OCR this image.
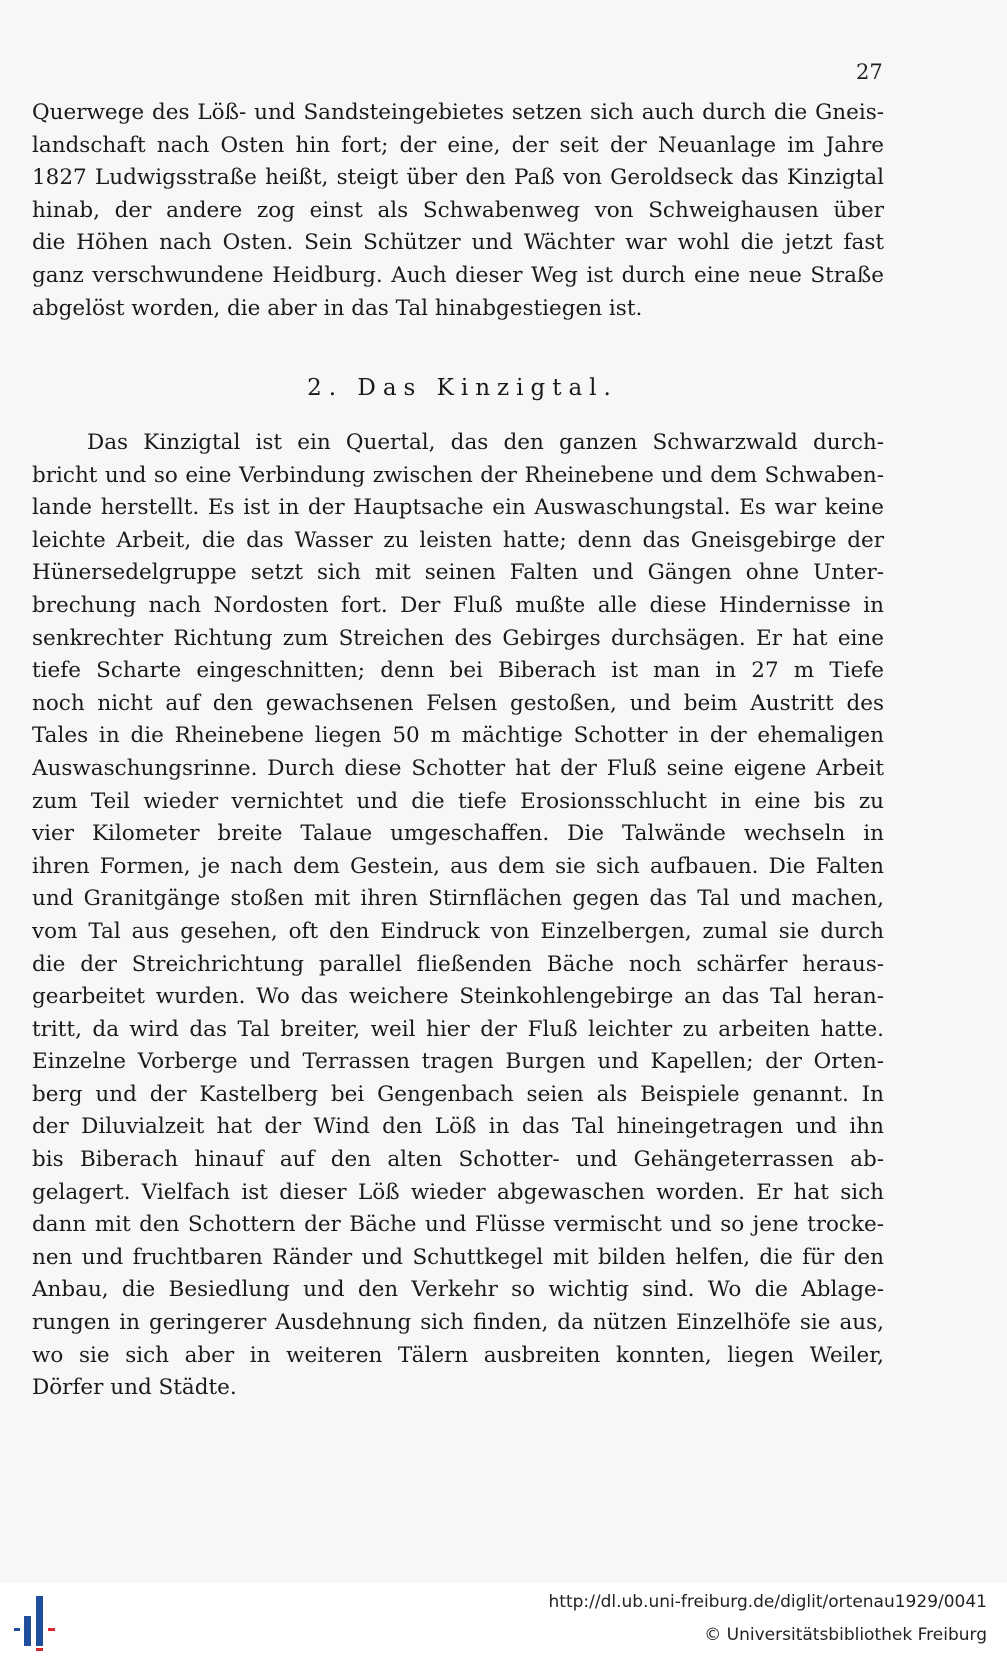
27
Querwege des Löß- und Sandsteingebietes setzen sich auch durch die Gneis-
landschaft nach Osten hin fort; der eine, der seit der Neuanlage im Jahre
1827 Ludwigsstraße heißt, steigt über den Paß von Geroldseck das Kinzigtal
hinab, der andere zog einst als Schwabenweg von Schweighausen über
die Höhen nach Osten. Sein Schützer und Wächter war wohl die jetzt fast
ganz verschwundene Heidburg. Auch dieser Weg ist durch eine neue Straße
abgelöst worden, die aber in das Tal hinabgestiegen ist.
2. Das Kinzigtal.
Das Kinzigtal ist ein Quertal, das den ganzen Schwarzwald durch-
bricht und so eine Verbindung zwischen der Rheinebene und dem Schwaben-
lande herstellt. Es ist in der Hauptsache ein Auswaschungstal. Es war keine
leichte Arbeit, die das Wasser zu leisten hatte; denn das Gneisgebirge der
Hünersedelgruppe setzt sich mit seinen Falten und Gängen ohne Unter-
brechung nach Nordosten fort. Der Fluß mußte alle diese Hindernisse in
senkrechter Richtung zum Streichen des Gebirges durchsägen. Er hat eine
tiefe Scharte eingeschnitten; denn bei Biberach ist man in 27 m Tiefe
noch nicht auf den gewachsenen Felsen gestoßen, und beim Austritt des
Tales in die Rheinebene liegen 50 m mächtige Schotter in der ehemaligen
Auswaschungsrinne. Durch diese Schotter hat der Fluß seine eigene Arbeit
zum Teil wieder vernichtet und die tiefe Erosionsschlucht in eine bis zu
vier Kilometer breite Talaue umgeschaffen. Die Talwände wechseln in
ihren Formen, je nach dem Gestein, aus dem sie sich aufbauen. Die Falten
und Granitgänge stoßen mit ihren Stirnflächen gegen das Tal und machen,
vom Tal aus gesehen, oft den Eindruck von Einzelbergen, zumal sie durch
die der Streichrichtung parallel fließenden Bäche noch schärfer heraus-
gearbeitet wurden. Wo das weichere Steinkohlengebirge an das Tal heran-
tritt, da wird das Tal breiter, weil hier der Fluß leichter zu arbeiten hatte.
Einzelne Vorberge und Terrassen tragen Burgen und Kapellen; der Orten-
berg und der Kastelberg bei Gengenbach seien als Beispiele genannt. In
der Diluvialzeit hat der Wind den Löß in das Tal hineingetragen und ihn
bis Biberach hinauf auf den alten Schotter- und Gehängeterrassen ab-
gelagert. Vielfach ist dieser Löß wieder abgewaschen worden. Er hat sich
dann mit den Schottern der Bäche und Flüsse vermischt und so jene trocke-
nen und fruchtbaren Ränder und Schuttkegel mit bilden helfen, die für den
Anbau, die Besiedlung und den Verkehr so wichtig sind. Wo die Ablage-
rungen in geringerer Ausdehnung sich finden, da nützen Einzelhöfe sie aus,
wo sie sich aber in weiteren Tälern ausbreiten konnten, liegen Weiler,
Dörfer und Städte.
http://dl.ub.uni-freiburg.de/diglit/ortenau1929/0041
© Universitätsbibliothek Freiburg
